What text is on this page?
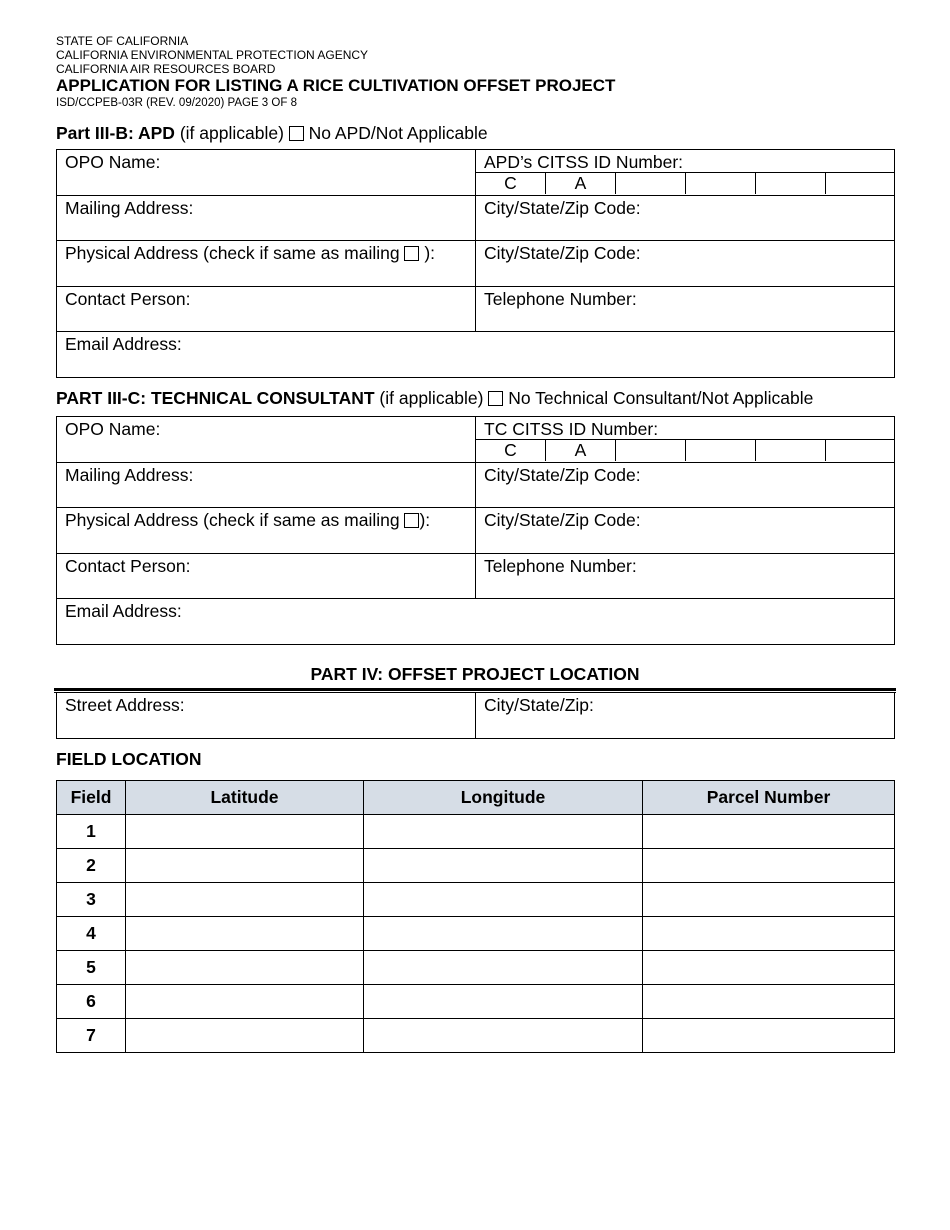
STATE OF CALIFORNIA
CALIFORNIA ENVIRONMENTAL PROTECTION AGENCY
CALIFORNIA AIR RESOURCES BOARD
APPLICATION FOR LISTING A RICE CULTIVATION OFFSET PROJECT
ISD/CCPEB-03R (REV. 09/2020) PAGE 3 OF 8
Part III-B: APD (if applicable)  No APD/Not Applicable
OPO Name:	APD’s CITSS ID Number:
C A

Mailing Address:	City/State/Zip Code:

Physical Address (check if same as mailing  ):	City/State/Zip Code:

Contact Person:	Telephone Number:

Email Address:	
PART III-C: TECHNICAL CONSULTANT (if applicable)  No Technical Consultant/Not Applicable
OPO Name:	TC CITSS ID Number:
C A

Mailing Address:	City/State/Zip Code:

Physical Address (check if same as mailing ):	City/State/Zip Code:

Contact Person:	Telephone Number:

Email Address:	
PART IV: OFFSET PROJECT LOCATION
Street Address:	City/State/Zip:
FIELD LOCATION
Field	Latitude	Longitude	Parcel Number
1			
2			
3			
4			
5			
6			
7			
